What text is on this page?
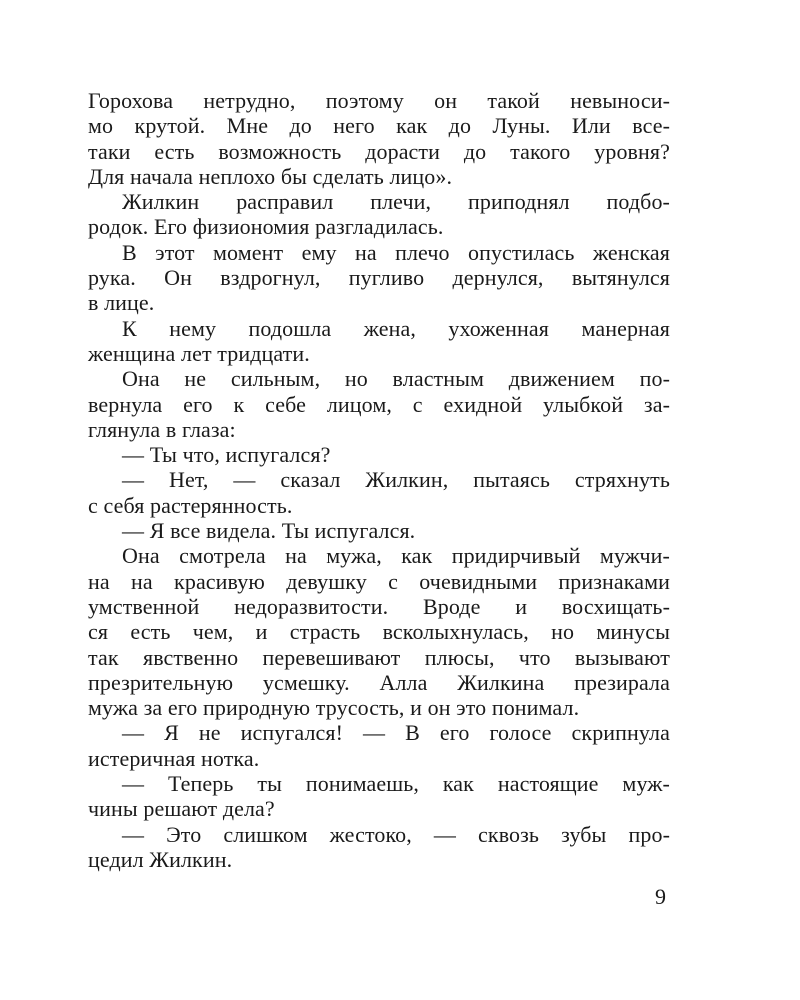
Горохова нетрудно, поэтому он такой невыноси-
мо крутой. Мне до него как до Луны. Или все-
таки есть возможность дорасти до такого уровня?
Для начала неплохо бы сделать лицо».
Жилкин расправил плечи, приподнял подбо-
родок. Его физиономия разгладилась.
В этот момент ему на плечо опустилась женская
рука. Он вздрогнул, пугливо дернулся, вытянулся
в лице.
К нему подошла жена, ухоженная манерная
женщина лет тридцати.
Она не сильным, но властным движением по-
вернула его к себе лицом, с ехидной улыбкой за-
глянула в глаза:
— Ты что, испугался?
— Нет, — сказал Жилкин, пытаясь стряхнуть
с себя растерянность.
— Я все видела. Ты испугался.
Она смотрела на мужа, как придирчивый мужчи-
на на красивую девушку с очевидными признаками
умственной недоразвитости. Вроде и восхищать-
ся есть чем, и страсть всколыхнулась, но минусы
так явственно перевешивают плюсы, что вызывают
презрительную усмешку. Алла Жилкина презирала
мужа за его природную трусость, и он это понимал.
— Я не испугался! — В его голосе скрипнула
истеричная нотка.
— Теперь ты понимаешь, как настоящие муж-
чины решают дела?
— Это слишком жестоко, — сквозь зубы про-
цедил Жилкин.
9
